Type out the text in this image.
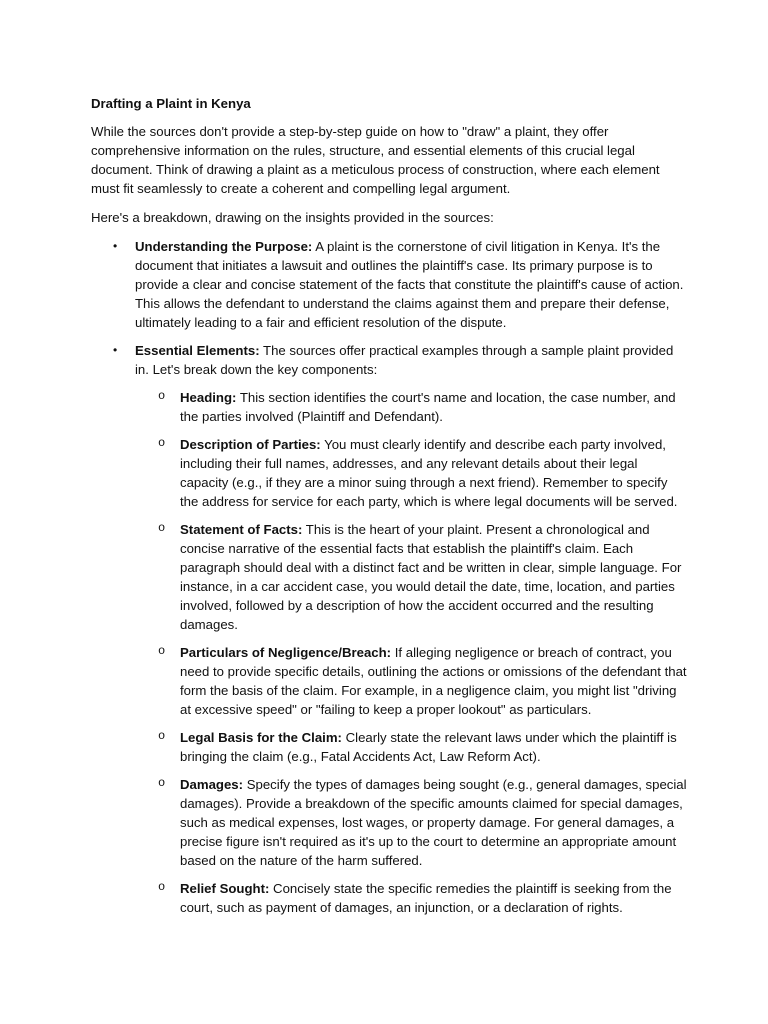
Drafting a Plaint in Kenya

While the sources don't provide a step-by-step guide on how to "draw" a plaint, they offer comprehensive information on the rules, structure, and essential elements of this crucial legal document. Think of drawing a plaint as a meticulous process of construction, where each element must fit seamlessly to create a coherent and compelling legal argument.

Here's a breakdown, drawing on the insights provided in the sources:

• Understanding the Purpose: A plaint is the cornerstone of civil litigation in Kenya. It's the document that initiates a lawsuit and outlines the plaintiff's case. Its primary purpose is to provide a clear and concise statement of the facts that constitute the plaintiff's cause of action. This allows the defendant to understand the claims against them and prepare their defense, ultimately leading to a fair and efficient resolution of the dispute.
• Essential Elements: The sources offer practical examples through a sample plaint provided in. Let's break down the key components:
o Heading: This section identifies the court's name and location, the case number, and the parties involved (Plaintiff and Defendant).
o Description of Parties: You must clearly identify and describe each party involved, including their full names, addresses, and any relevant details about their legal capacity (e.g., if they are a minor suing through a next friend). Remember to specify the address for service for each party, which is where legal documents will be served.
o Statement of Facts: This is the heart of your plaint. Present a chronological and concise narrative of the essential facts that establish the plaintiff's claim. Each paragraph should deal with a distinct fact and be written in clear, simple language. For instance, in a car accident case, you would detail the date, time, location, and parties involved, followed by a description of how the accident occurred and the resulting damages.
o Particulars of Negligence/Breach: If alleging negligence or breach of contract, you need to provide specific details, outlining the actions or omissions of the defendant that form the basis of the claim. For example, in a negligence claim, you might list "driving at excessive speed" or "failing to keep a proper lookout" as particulars.
o Legal Basis for the Claim: Clearly state the relevant laws under which the plaintiff is bringing the claim (e.g., Fatal Accidents Act, Law Reform Act).
o Damages: Specify the types of damages being sought (e.g., general damages, special damages). Provide a breakdown of the specific amounts claimed for special damages, such as medical expenses, lost wages, or property damage. For general damages, a precise figure isn't required as it's up to the court to determine an appropriate amount based on the nature of the harm suffered.
o Relief Sought: Concisely state the specific remedies the plaintiff is seeking from the court, such as payment of damages, an injunction, or a declaration of rights.
